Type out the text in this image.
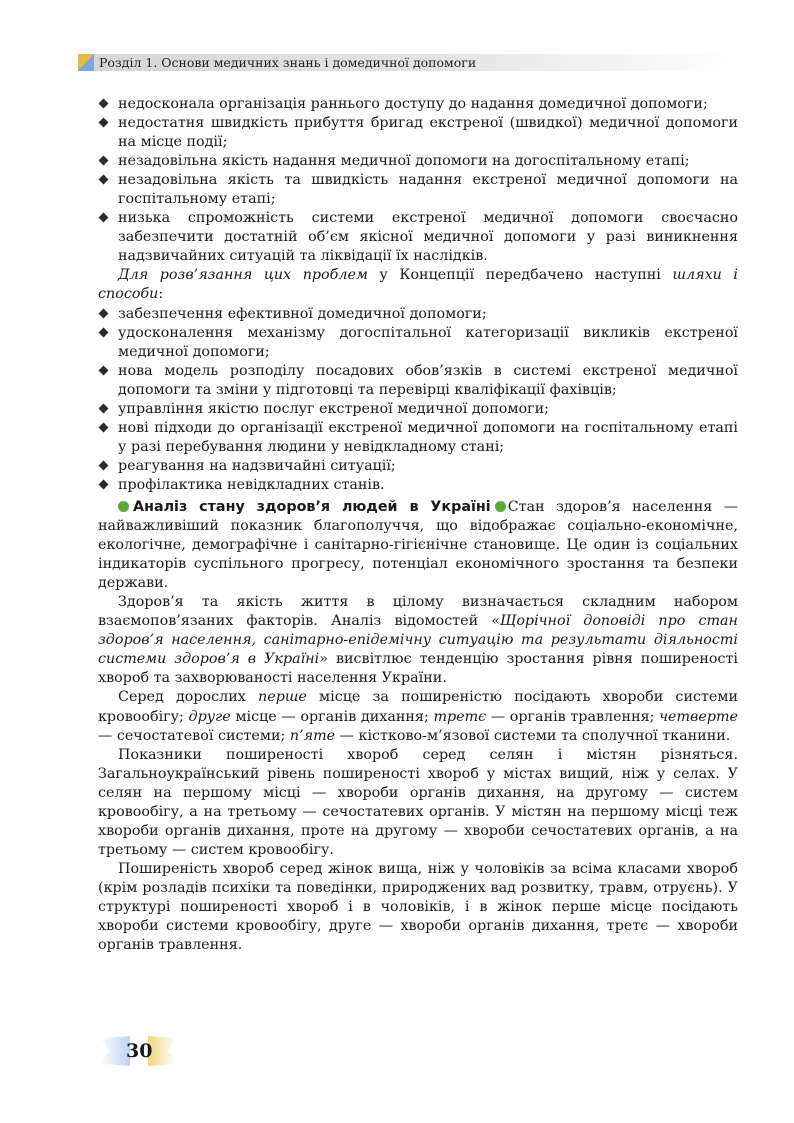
Розділ 1. Основи медичних знань і домедичної допомоги
недосконала організація раннього доступу до надання домедичної допомоги;
недостатня швидкість прибуття бригад екстреної (швидкої) медичної допомоги на місце події;
незадовільна якість надання медичної допомоги на догоспітальному етапі;
незадовільна якість та швидкість надання екстреної медичної допомоги на госпітальному етапі;
низька спроможність системи екстреної медичної допомоги своєчасно забезпечити достатній об’єм якісної медичної допомоги у разі виникнення надзвичайних ситуацій та ліквідації їх наслідків.

Для розв’язання цих проблем у Концепції передбачено наступні шляхи і способи:

забезпечення ефективної домедичної допомоги;
удосконалення механізму догоспітальної категоризації викликів екстреної медичної допомоги;
нова модель розподілу посадових обов’язків в системі екстреної медичної допомоги та зміни у підготовці та перевірці кваліфікації фахівців;
управління якістю послуг екстреної медичної допомоги;
нові підходи до організації екстреної медичної допомоги на госпітальному етапі у разі перебування людини у невідкладному стані;
реагування на надзвичайні ситуації;
профілактика невідкладних станів.

Аналіз стану здоров’я людей в Україні Стан здоров’я населення — найважливіший показник благополуччя, що відображає соціально-економічне, екологічне, демографічне і санітарно-гігієнічне становище. Це один із соціальних індикаторів суспільного прогресу, потенціал економічного зростання та безпеки держави.

Здоров’я та якість життя в цілому визначається складним набором взаємопов’язаних факторів. Аналіз відомостей «Щорічної доповіді про стан здоров’я населення, санітарно-епідемічну ситуацію та результати діяльності системи здоров’я в Україні» висвітлює тенденцію зростання рівня поширеності хвороб та захворюваності населення України.

Серед дорослих перше місце за поширеністю посідають хвороби системи кровообігу; друге місце — органів дихання; третє — органів травлення; четверте — сечостатевої системи; п’яте — кістково-м’язової системи та сполучної тканини.

Показники поширеності хвороб серед селян і містян різняться. Загальноукраїнський рівень поширеності хвороб у містах вищий, ніж у селах. У селян на першому місці — хвороби органів дихання, на другому — систем кровообігу, а на третьому — сечостатевих органів. У містян на першому місці теж хвороби органів дихання, проте на другому — хвороби сечостатевих органів, а на третьому — систем кровообігу.

Поширеність хвороб серед жінок вища, ніж у чоловіків за всіма класами хвороб (крім розладів психіки та поведінки, природжених вад розвитку, травм, отруєнь). У структурі поширеності хвороб і в чоловіків, і в жінок перше місце посідають хвороби системи кровообігу, друге — хвороби органів дихання, третє — хвороби органів травлення.

30
